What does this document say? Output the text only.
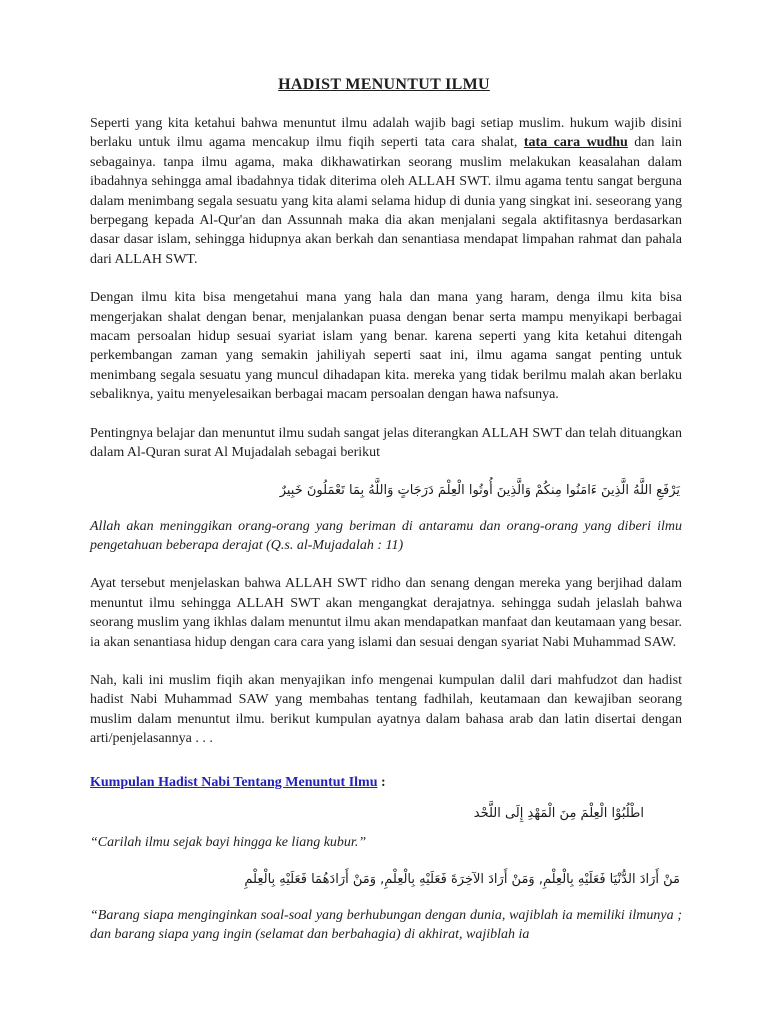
HADIST MENUNTUT ILMU

Seperti yang kita ketahui bahwa menuntut ilmu adalah wajib bagi setiap muslim. hukum wajib disini berlaku untuk ilmu agama mencakup ilmu fiqih seperti tata cara shalat, tata cara wudhu dan lain sebagainya. tanpa ilmu agama, maka dikhawatirkan seorang muslim melakukan keasalahan dalam ibadahnya sehingga amal ibadahnya tidak diterima oleh ALLAH SWT. ilmu agama tentu sangat berguna dalam menimbang segala sesuatu yang kita alami selama hidup di dunia yang singkat ini. seseorang yang berpegang kepada Al-Qur'an dan Assunnah maka dia akan menjalani segala aktifitasnya berdasarkan dasar dasar islam, sehingga hidupnya akan berkah dan senantiasa mendapat limpahan rahmat dan pahala dari ALLAH SWT.

Dengan ilmu kita bisa mengetahui mana yang hala dan mana yang haram, denga ilmu kita bisa mengerjakan shalat dengan benar, menjalankan puasa dengan benar serta mampu menyikapi berbagai macam persoalan hidup sesuai syariat islam yang benar. karena seperti yang kita ketahui ditengah perkembangan zaman yang semakin jahiliyah seperti saat ini, ilmu agama sangat penting untuk menimbang segala sesuatu yang muncul dihadapan kita. mereka yang tidak berilmu malah akan berlaku sebaliknya, yaitu menyelesaikan berbagai macam persoalan dengan hawa nafsunya.

Pentingnya belajar dan menuntut ilmu sudah sangat jelas diterangkan ALLAH SWT dan telah dituangkan dalam Al-Quran surat Al Mujadalah sebagai berikut

يَرْفَعِ اللَّهُ الَّذِينَ ءَامَنُوا مِنكُمْ وَالَّذِينَ أُوتُوا الْعِلْمَ دَرَجَاتٍ وَاللَّهُ بِمَا تَعْمَلُونَ خَبِيرٌ

Allah akan meninggikan orang-orang yang beriman di antaramu dan orang-orang yang diberi ilmu pengetahuan beberapa derajat (Q.s. al-Mujadalah : 11)

Ayat tersebut menjelaskan bahwa ALLAH SWT ridho dan senang dengan mereka yang berjihad dalam menuntut ilmu sehingga ALLAH SWT akan mengangkat derajatnya. sehingga sudah jelaslah bahwa seorang muslim yang ikhlas dalam menuntut ilmu akan mendapatkan manfaat dan keutamaan yang besar. ia akan senantiasa hidup dengan cara cara yang islami dan sesuai dengan syariat Nabi Muhammad SAW.

Nah, kali ini muslim fiqih akan menyajikan info mengenai kumpulan dalil dari mahfudzot dan hadist hadist Nabi Muhammad SAW yang membahas tentang fadhilah, keutamaan dan kewajiban seorang muslim dalam menuntut ilmu. berikut kumpulan ayatnya dalam bahasa arab dan latin disertai dengan arti/penjelasannya . . .

Kumpulan Hadist Nabi Tentang Menuntut Ilmu :
اطْلُبُوْا الْعِلْمَ مِنَ الْمَهْدِ إِلَى اللَّحْد

“Carilah ilmu sejak bayi hingga ke liang kubur.”

مَنْ أَرَادَ الدُّنْيَا فَعَلَيْهِ بِالْعِلْمِ, وَمَنْ أَرَادَ الآخِرَةَ فَعَلَيْهِ بِالْعِلْمِ, وَمَنْ أَرَادَهُمَا فَعَلَيْهِ بِالْعِلْمِ

“Barang siapa menginginkan soal-soal yang berhubungan dengan dunia, wajiblah ia memiliki ilmunya ; dan barang siapa yang ingin (selamat dan berbahagia) di akhirat, wajiblah ia
